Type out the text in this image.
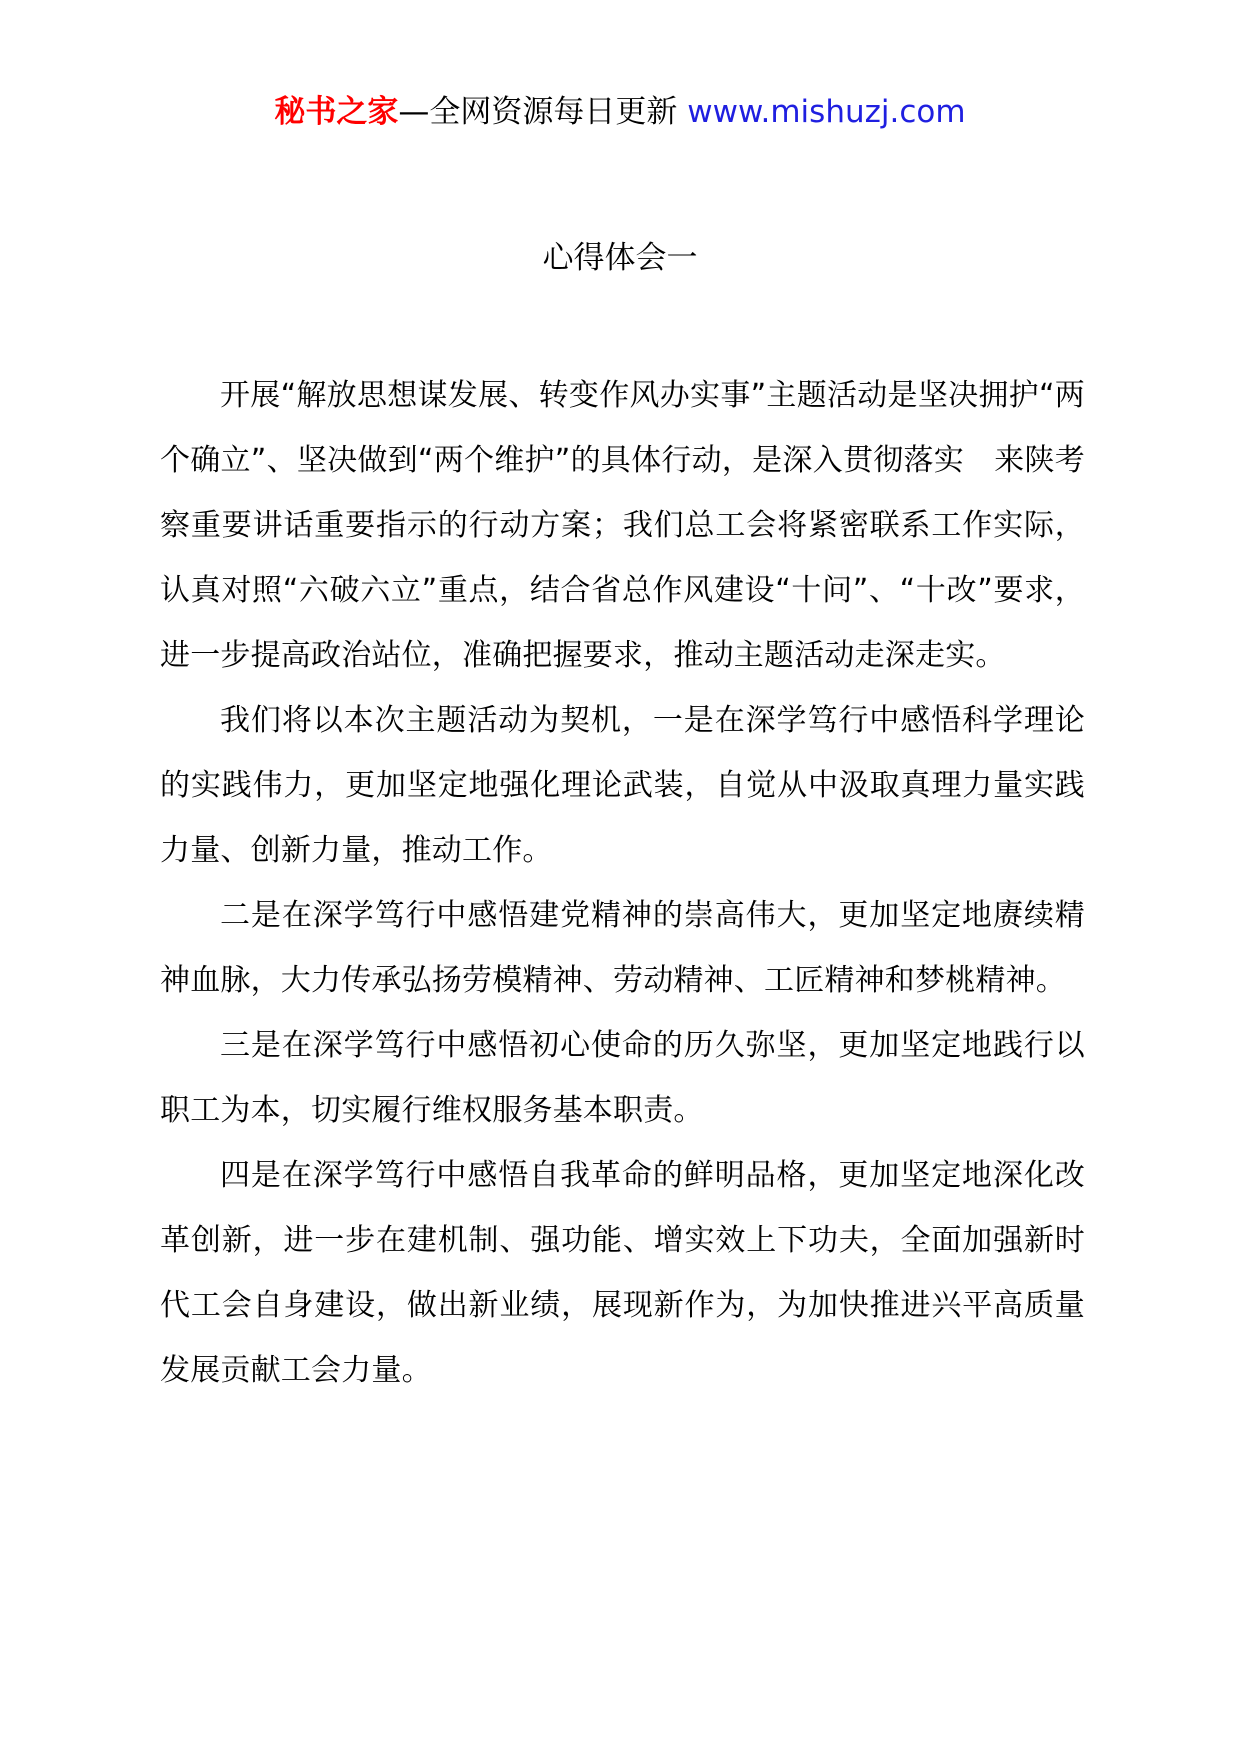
秘书之家—全网资源每日更新 www.mishuzj.com
心得体会一

开展“解放思想谋发展、转变作风办实事”主题活动是坚决拥护“两个确立”、坚决做到“两个维护”的具体行动，是深入贯彻落实　来陕考察重要讲话重要指示的行动方案；我们总工会将紧密联系工作实际，认真对照“六破六立”重点，结合省总作风建设“十问”、“十改”要求，进一步提高政治站位，准确把握要求，推动主题活动走深走实。

我们将以本次主题活动为契机，一是在深学笃行中感悟科学理论的实践伟力，更加坚定地强化理论武装，自觉从中汲取真理力量实践力量、创新力量，推动工作。

二是在深学笃行中感悟建党精神的崇高伟大，更加坚定地赓续精神血脉，大力传承弘扬劳模精神、劳动精神、工匠精神和梦桃精神。

三是在深学笃行中感悟初心使命的历久弥坚，更加坚定地践行以职工为本，切实履行维权服务基本职责。

四是在深学笃行中感悟自我革命的鲜明品格，更加坚定地深化改革创新，进一步在建机制、强功能、增实效上下功夫，全面加强新时代工会自身建设，做出新业绩，展现新作为，为加快推进兴平高质量发展贡献工会力量。
